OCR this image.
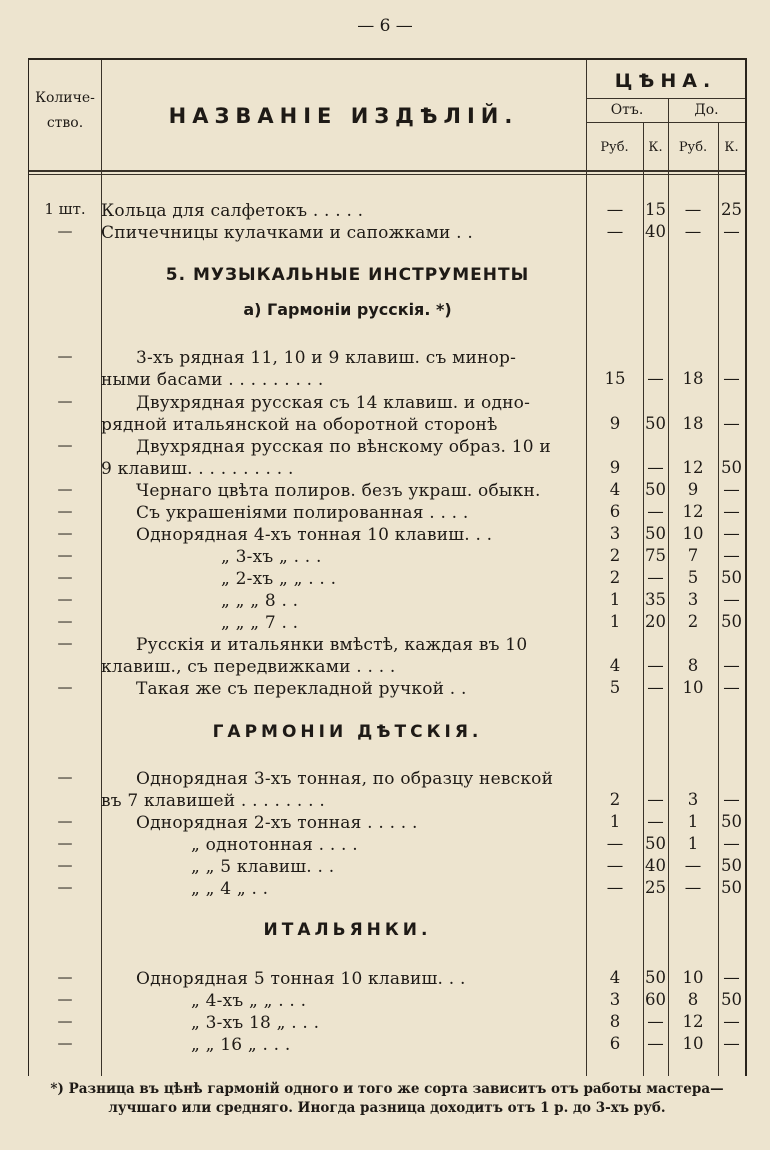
— 6 —
Количе-ство.	НАЗВАНІЕ ИЗДѢЛІЙ.
ЦѢНА.
Отъ.	До.
Руб.	К.	Руб.	К.
5. МУЗЫКАЛЬНЫЕ ИНСТРУМЕНТЫ
а) Гармоніи русскія. *)
ГАРМОНІИ ДѢТСКІЯ.
ИТАЛЬЯНКИ.
1 шт. Кольца для салфетокъ . . . . .	—	15	—	25
—	Спичечницы кулачками и сапожками . .	—	40	—	—
—	3-хъ рядная 11, 10 и 9 клавиш. съ минор-
ными басами . . . . . . . . .	15	—	18	—
—	Двухрядная русская съ 14 клавиш. и одно-
рядной итальянской на оборотной сторонѣ	9	50	18	—
—	Двухрядная русская по вѣнскому образ. 10 и
9 клавиш. . . . . . . . . .	9	—	12	50
—	Чернаго цвѣта полиров. безъ украш. обыкн.	4	50	9	—
—	Съ украшеніями полированная . . . .	6	—	12	—
—	Однорядная 4-хъ тонная 10 клавиш. . .	3	50	10	—
—	„ 3-хъ „ . . .	2	75	7	—
—	„ 2-хъ „ „ . . .	2	—	5	50
—	„ „ „ 8 . .	1	35	3	—
—	„ „ „ 7 . .	1	20	2	50
—	Русскія и итальянки вмѣстѣ, каждая въ 10
клавиш., съ передвижками . . . .	4	—	8	—
—	Такая же съ перекладной ручкой . .	5	—	10	—
—	Однорядная 3-хъ тонная, по образцу невской
въ 7 клавишей . . . . . . . .	2	—	3	—
—	Однорядная 2-хъ тонная . . . . .	1	—	1	50
—	„ однотонная . . . .	—	50	1	—
—	„ „ 5 клавиш. . .	—	40	—	50
—	„ „ 4 „ . .	—	25	—	50
—	Однорядная 5 тонная 10 клавиш. . .	4	50	10	—
—	„ 4-хъ „ „ . . .	3	60	8	50
—	„ 3-хъ 18 „ . . .	8	—	12	—
—	„ „ 16 „ . . .	6	—	10	—
*) Разница въ цѣнѣ гармоній одного и того же сорта зависитъ отъ работы мастера—лучшаго или средняго. Иногда разница доходитъ отъ 1 р. до 3-хъ руб.
